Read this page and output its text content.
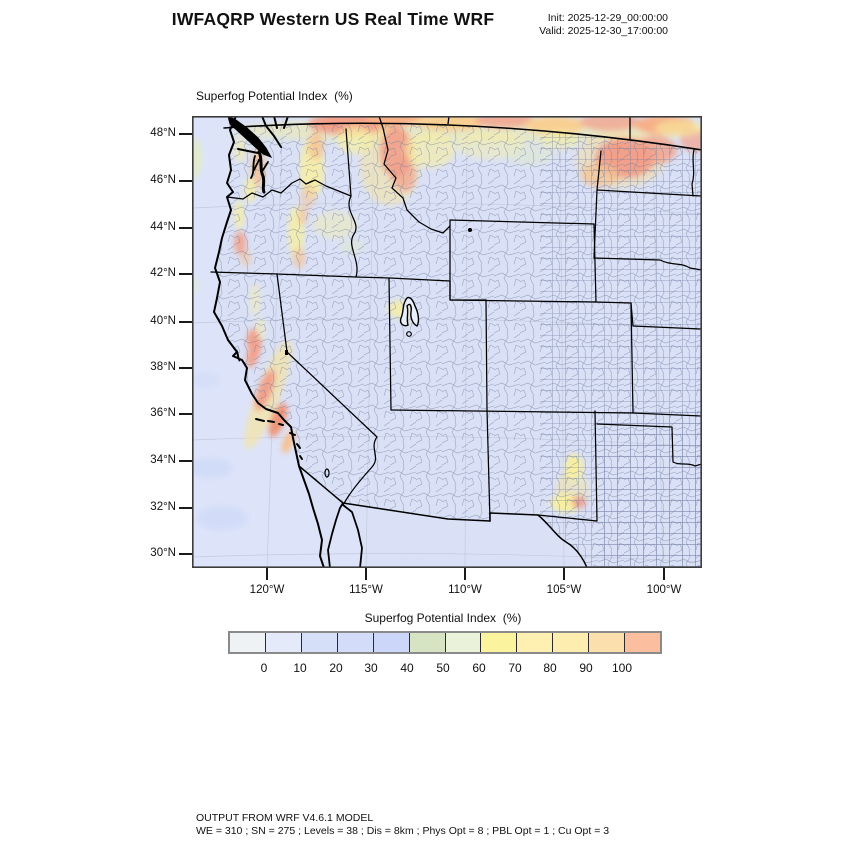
IWFAQRP Western US Real Time WRF	Init: 2025-12-29_00:00:00
Valid: 2025-12-30_17:00:00
Superfog Potential Index  (%)
48°N
46°N
44°N
42°N
40°N
38°N
36°N
34°N
32°N
30°N
120°W	115°W	110°W	105°W	100°W
Superfog Potential Index  (%)
0	10	20	30	40	50	60	70	80	90	100
OUTPUT FROM WRF V4.6.1 MODEL
WE = 310 ; SN = 275 ; Levels = 38 ; Dis = 8km ; Phys Opt = 8 ; PBL Opt = 1 ; Cu Opt = 3
